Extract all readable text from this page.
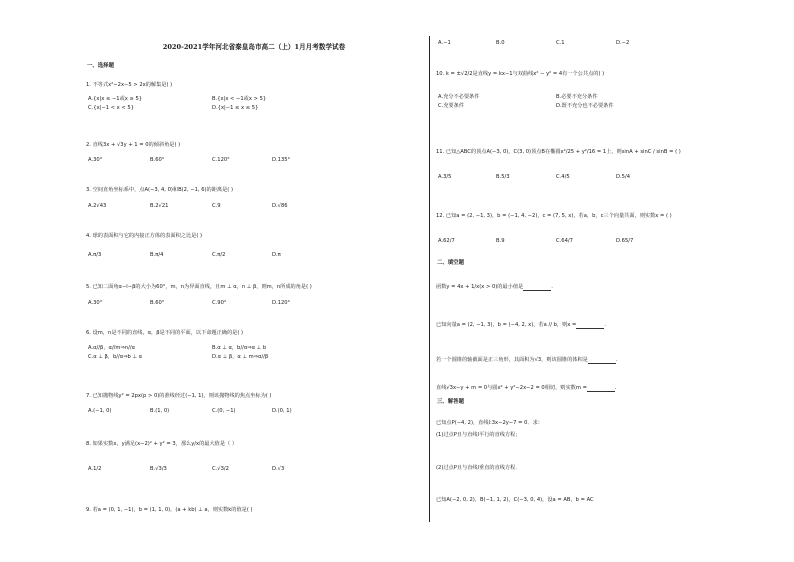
2020-2021学年河北省秦皇岛市高二（上）1月月考数学试卷
一、选择题
1. 不等式x²−2x−5 > 2x的解集是( )
A.{x|x ≤ −1或x ≥ 5}	B.{x|x < −1或x > 5}
C.{x|−1 < x < 5}	D.{x|−1 ≤ x ≤ 5}
2. 直线3x + √3y + 1 = 0的倾斜角是( )
A.30°	B.60°	C.120°	D.135°
3. 空间直角坐标系中，点A(−3, 4, 0)和B(2, −1, 6)的距离是( )
A.2√43	B.2√21	C.9	D.√86
4. 球的表面积与它的内接正方体的表面积之比是( )
A.π/3	B.π/4	C.π/2	D.π
5. 已知二面角α−l−β的大小为60°，m，n为异面直线，且m ⊥ α，n ⊥ β，则m，n所成的角是( )
A.30°	B.60°	C.90°	D.120°
6. 设m，n是不同的直线，α，β是不同的平面，以下命题正确的是( )
A.α//β，α//m⇒n//α	B.α ⊥ α，b//α⇒α ⊥ b
C.α ⊥ β，b//α⇒b ⊥ α	D.α ⊥ β，α ⊥ m⇒α//β
7. 已知抛物线y² = 2px(p > 0)的准线经过(−1, 1)，则该抛物线的焦点坐标为( )
A.(−1, 0)	B.(1, 0)	C.(0, −1)	D.(0, 1)
8. 如果实数x，y满足(x−2)² + y² = 3，那么y/x的最大值是（ ）
A.1/2	B.√3/3	C.√3/2	D.√3
9. 若a = (0, 1, −1)，b = (1, 1, 0)，(a + kb) ⊥ a，则实数k的值是( )
A.−1	B.0	C.1	D.−2
10. k = ±√2/2是直线y = kx−1与双曲线x² − y² = 4有一个公共点的( )
A.充分不必要条件	B.必要不充分条件
C.充要条件	D.既不充分也不必要条件
11. 已知△ABC的顶点A(−3, 0)，C(3, 0)顶点B在椭圆x²/25 + y²/16 = 1上，则sinA + sinC / sinB = ( )
A.3/5	B.5/3	C.4/5	D.5/4
12. 已知a = (2, −1, 3)，b = (−1, 4, −2)，c = (7, 5, x)，若a，b，c三个向量共面，则实数x = ( )
A.62/7	B.9	C.64/7	D.65/7
二、填空题
函数y = 4x + 1/x(x > 0)的最小值是	.
已知向量a = (2, −1, 3)，b = (−4, 2, x)，若a // b，则x =	.
若一个圆锥的轴截面是正三角形，其面积为√3，则该圆锥的体积是	.
直线√3x−y + m = 0与圆x² + y²−2x−2 = 0相切，则实数m =	.
三、解答题
已知点P(−4, 2)，直线l:3x−2y−7 = 0．求：
(1)过点P且与直线l平行的直线方程；
(2)过点P且与直线l垂直的直线方程．
已知A(−2, 0, 2)，B(−1, 1, 2)，C(−3, 0, 4)，设a = AB，b = AC
